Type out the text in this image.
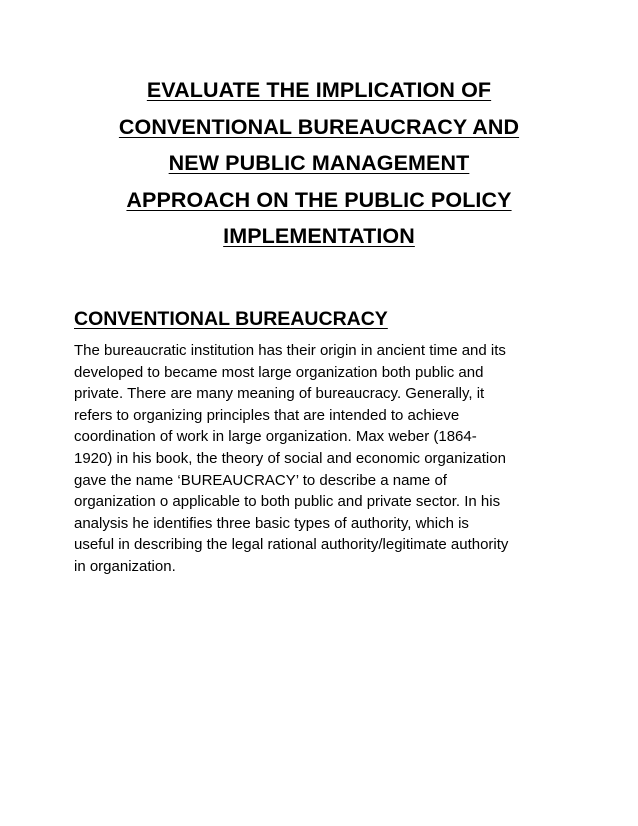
EVALUATE THE IMPLICATION OF
CONVENTIONAL BUREAUCRACY AND
NEW PUBLIC MANAGEMENT
APPROACH ON THE PUBLIC POLICY
IMPLEMENTATION
CONVENTIONAL BUREAUCRACY

The bureaucratic institution has their origin in ancient time and its
developed to became most large organization both public and
private. There are many meaning of bureaucracy. Generally, it
refers to organizing principles that are intended to achieve
coordination of work in large organization. Max weber (1864-
1920) in his book, the theory of social and economic organization
gave the name ‘BUREAUCRACY’ to describe a name of
organization o applicable to both public and private sector. In his
analysis he identifies three basic types of authority, which is
useful in describing the legal rational authority/legitimate authority
in organization.
